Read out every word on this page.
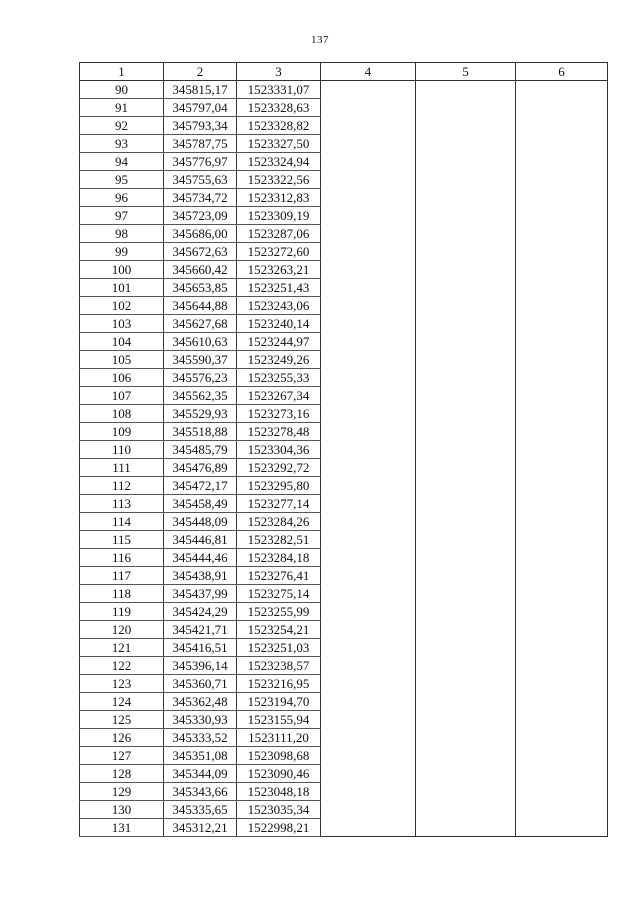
137
1	2	3	4	5	6
90	345815,17	1523331,07			
91	345797,04	1523328,63			
92	345793,34	1523328,82			
93	345787,75	1523327,50			
94	345776,97	1523324,94			
95	345755,63	1523322,56			
96	345734,72	1523312,83			
97	345723,09	1523309,19			
98	345686,00	1523287,06			
99	345672,63	1523272,60			
100	345660,42	1523263,21			
101	345653,85	1523251,43			
102	345644,88	1523243,06			
103	345627,68	1523240,14			
104	345610,63	1523244,97			
105	345590,37	1523249,26			
106	345576,23	1523255,33			
107	345562,35	1523267,34			
108	345529,93	1523273,16			
109	345518,88	1523278,48			
110	345485,79	1523304,36			
111	345476,89	1523292,72			
112	345472,17	1523295,80			
113	345458,49	1523277,14			
114	345448,09	1523284,26			
115	345446,81	1523282,51			
116	345444,46	1523284,18			
117	345438,91	1523276,41			
118	345437,99	1523275,14			
119	345424,29	1523255,99			
120	345421,71	1523254,21			
121	345416,51	1523251,03			
122	345396,14	1523238,57			
123	345360,71	1523216,95			
124	345362,48	1523194,70			
125	345330,93	1523155,94			
126	345333,52	1523111,20			
127	345351,08	1523098,68			
128	345344,09	1523090,46			
129	345343,66	1523048,18			
130	345335,65	1523035,34			
131	345312,21	1522998,21			
